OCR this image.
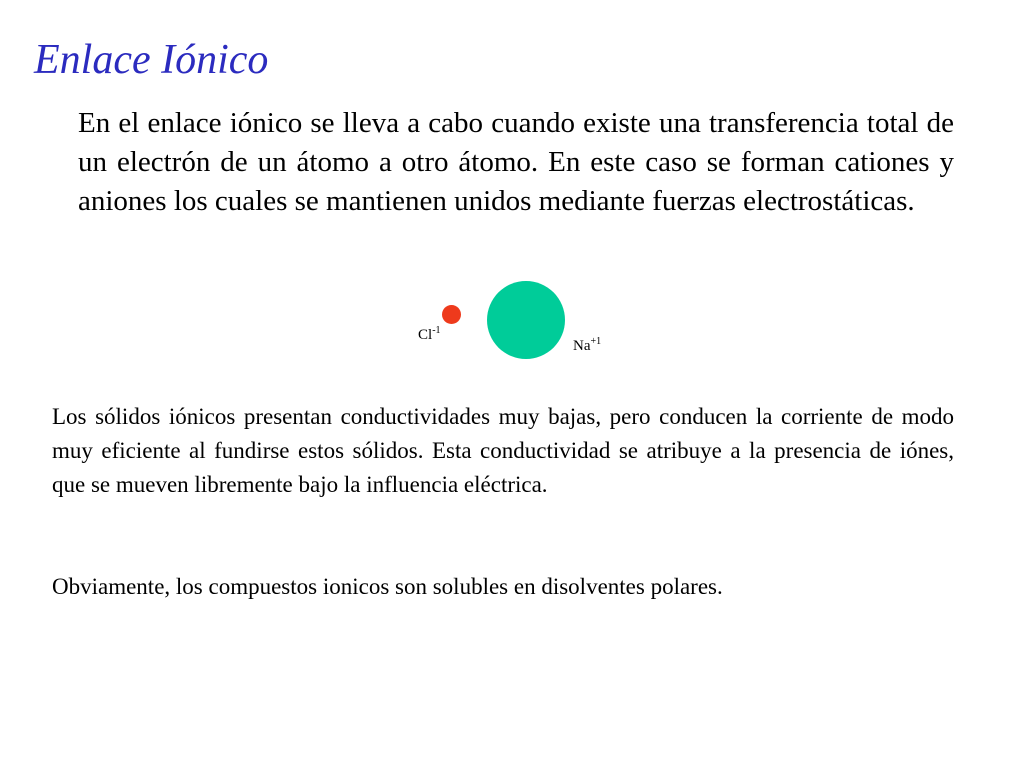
Enlace Iónico

En el enlace iónico se lleva a cabo cuando existe una transferencia total de un electrón de un átomo a otro átomo. En este caso se forman cationes y aniones los cuales se mantienen unidos mediante fuerzas electrostáticas.

$Cl^{-1}$
$Na^{+1}$

Los sólidos iónicos presentan conductividades muy bajas, pero conducen la corriente de modo muy eficiente al fundirse estos sólidos. Esta conductividad se atribuye a la presencia de iónes, que se mueven libremente bajo la influencia eléctrica.

Obviamente, los compuestos ionicos son solubles en disolventes polares.
